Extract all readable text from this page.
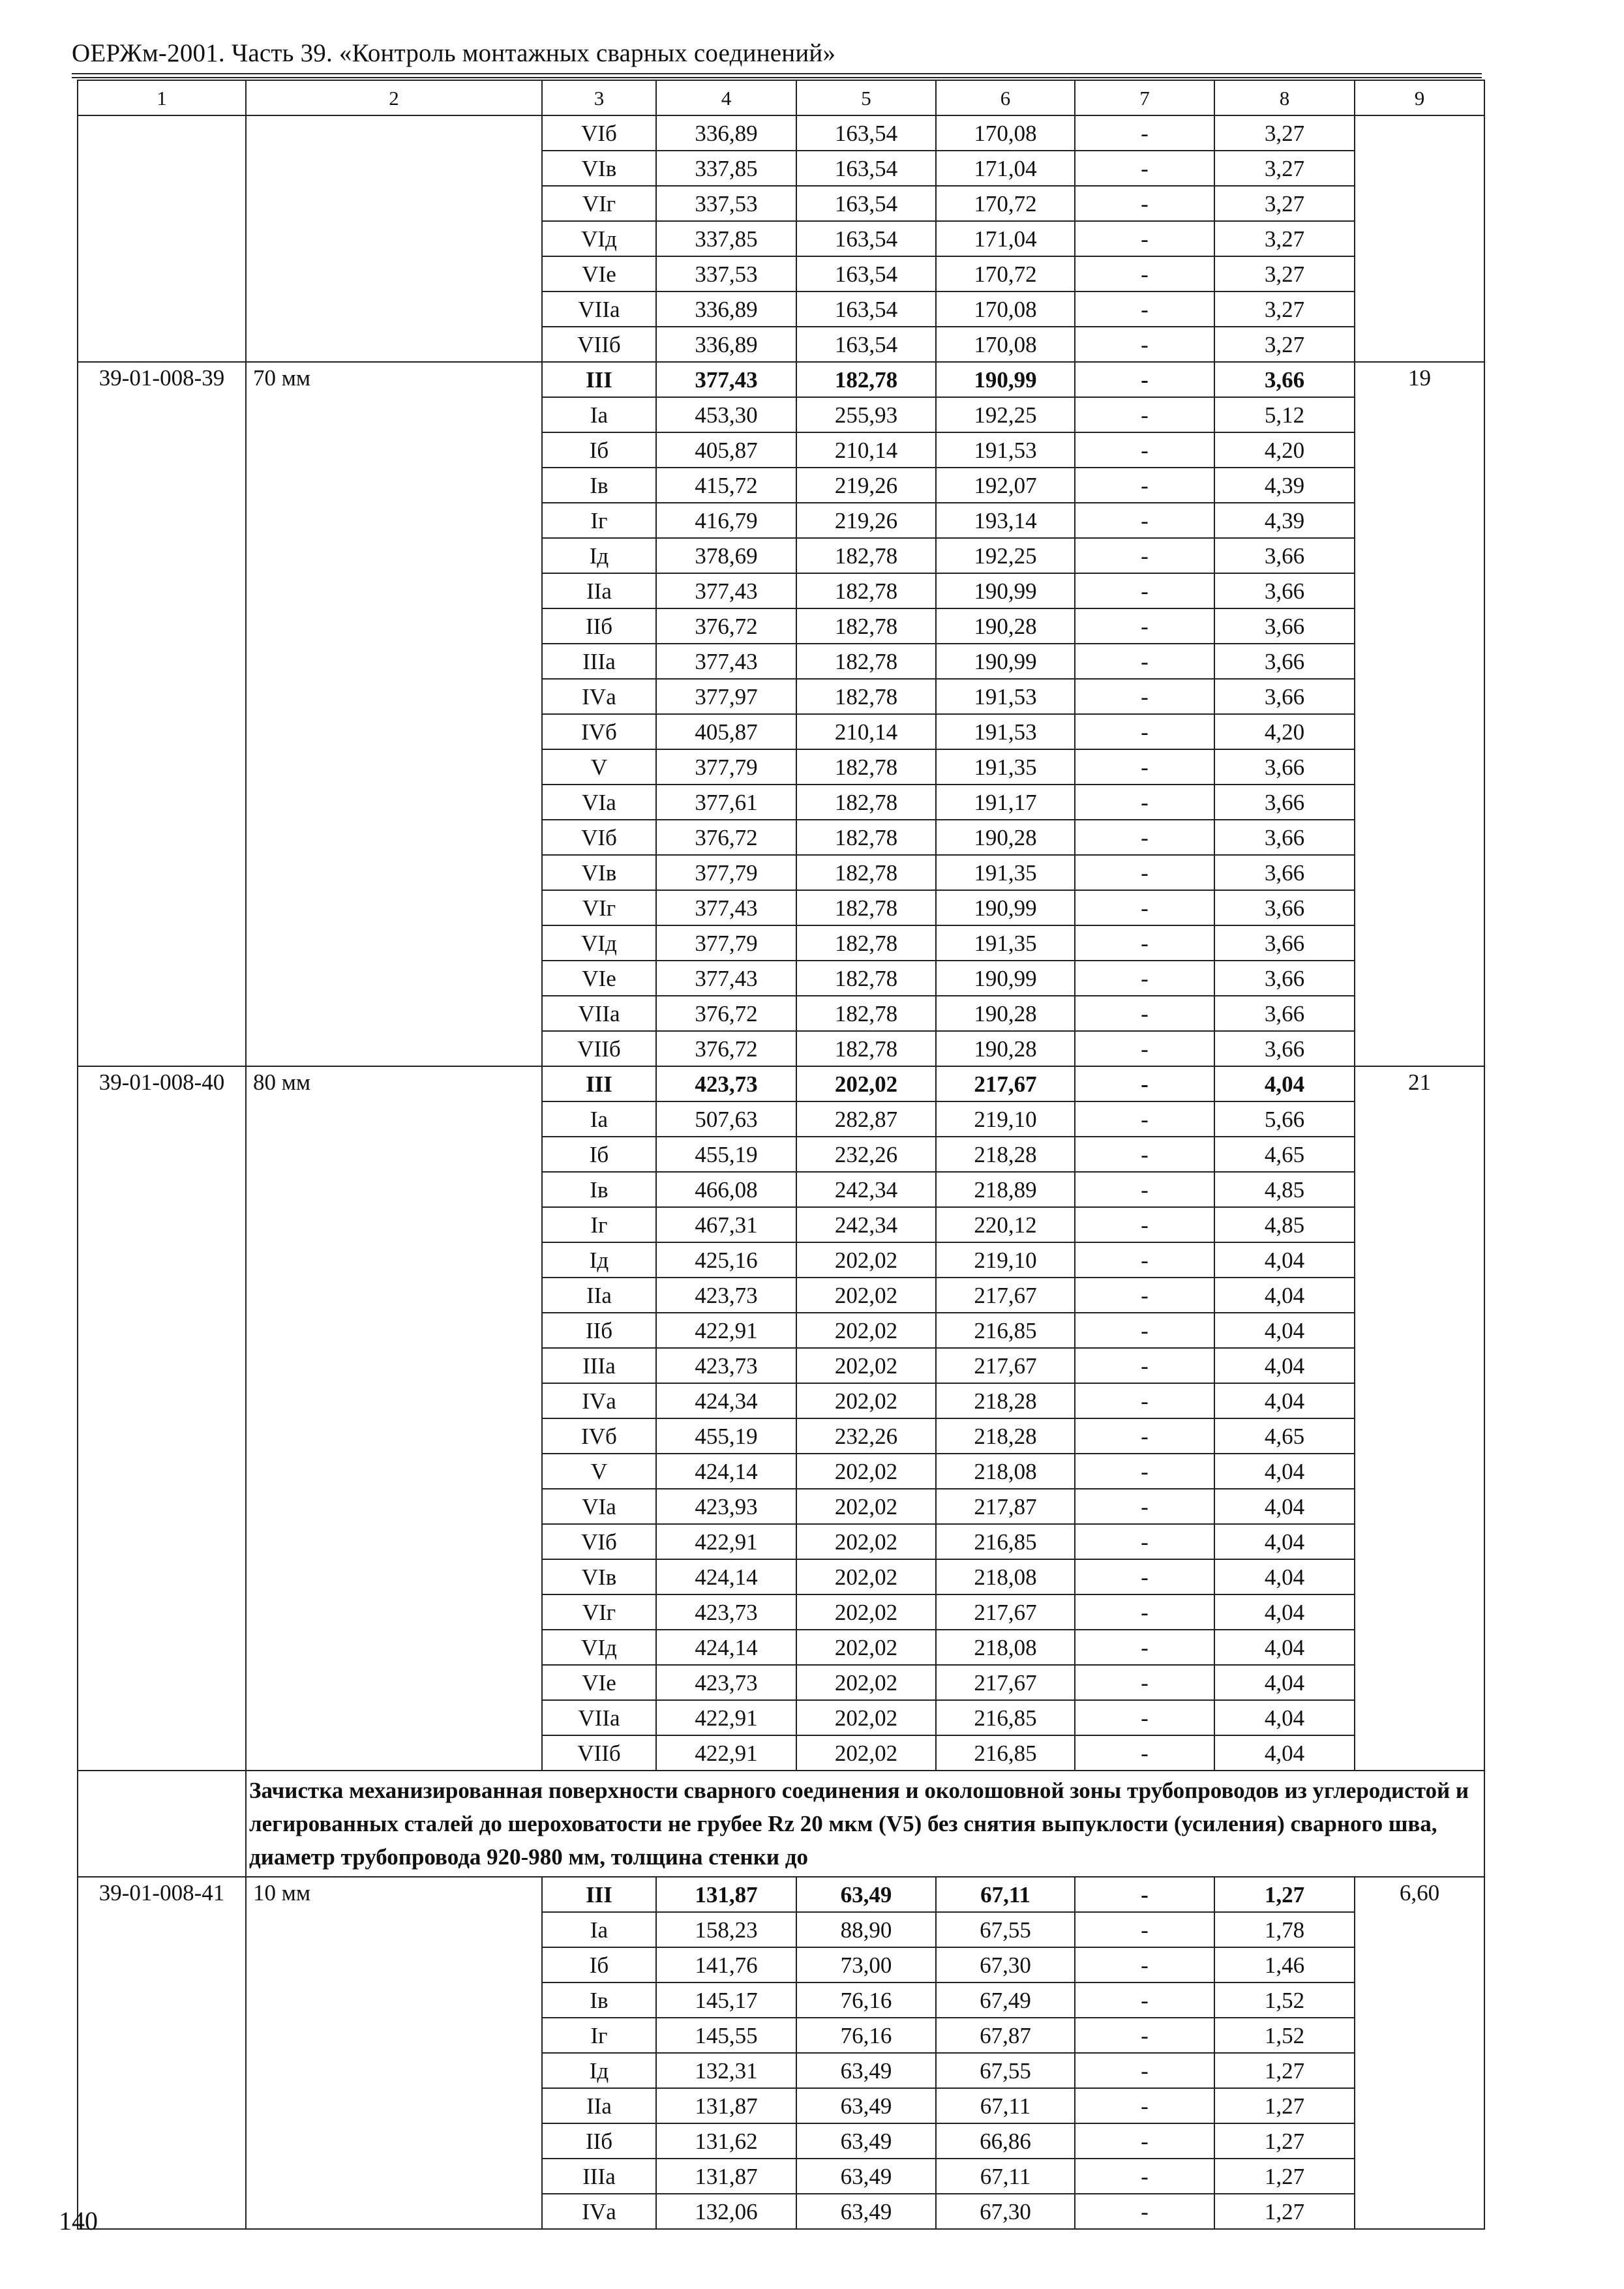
ОЕРЖм-2001. Часть 39. «Контроль монтажных сварных соединений»
1	2	3	4	5	6	7	8	9
		VIб	336,89	163,54	170,08	-	3,27	
		VIв	337,85	163,54	171,04	-	3,27	
		VIг	337,53	163,54	170,72	-	3,27	
		VIд	337,85	163,54	171,04	-	3,27	
		VIе	337,53	163,54	170,72	-	3,27	
		VIIа	336,89	163,54	170,08	-	3,27	
		VIIб	336,89	163,54	170,08	-	3,27	
39-01-008-39	70 мм	III	377,43	182,78	190,99	-	3,66	19
		Iа	453,30	255,93	192,25	-	5,12	
		Iб	405,87	210,14	191,53	-	4,20	
		Iв	415,72	219,26	192,07	-	4,39	
		Iг	416,79	219,26	193,14	-	4,39	
		Iд	378,69	182,78	192,25	-	3,66	
		IIа	377,43	182,78	190,99	-	3,66	
		IIб	376,72	182,78	190,28	-	3,66	
		IIIа	377,43	182,78	190,99	-	3,66	
		IVа	377,97	182,78	191,53	-	3,66	
		IVб	405,87	210,14	191,53	-	4,20	
		V	377,79	182,78	191,35	-	3,66	
		VIа	377,61	182,78	191,17	-	3,66	
		VIб	376,72	182,78	190,28	-	3,66	
		VIв	377,79	182,78	191,35	-	3,66	
		VIг	377,43	182,78	190,99	-	3,66	
		VIд	377,79	182,78	191,35	-	3,66	
		VIе	377,43	182,78	190,99	-	3,66	
		VIIа	376,72	182,78	190,28	-	3,66	
		VIIб	376,72	182,78	190,28	-	3,66	
39-01-008-40	80 мм	III	423,73	202,02	217,67	-	4,04	21
		Iа	507,63	282,87	219,10	-	5,66	
		Iб	455,19	232,26	218,28	-	4,65	
		Iв	466,08	242,34	218,89	-	4,85	
		Iг	467,31	242,34	220,12	-	4,85	
		Iд	425,16	202,02	219,10	-	4,04	
		IIа	423,73	202,02	217,67	-	4,04	
		IIб	422,91	202,02	216,85	-	4,04	
		IIIа	423,73	202,02	217,67	-	4,04	
		IVа	424,34	202,02	218,28	-	4,04	
		IVб	455,19	232,26	218,28	-	4,65	
		V	424,14	202,02	218,08	-	4,04	
		VIа	423,93	202,02	217,87	-	4,04	
		VIб	422,91	202,02	216,85	-	4,04	
		VIв	424,14	202,02	218,08	-	4,04	
		VIг	423,73	202,02	217,67	-	4,04	
		VIд	424,14	202,02	218,08	-	4,04	
		VIе	423,73	202,02	217,67	-	4,04	
		VIIа	422,91	202,02	216,85	-	4,04	
		VIIб	422,91	202,02	216,85	-	4,04	
	Зачистка механизированная поверхности сварного соединения и околошовной зоны трубопроводов из углеродистой и легированных сталей до шероховатости не грубее Rz 20 мкм (V5) без снятия выпуклости (усиления) сварного шва, диаметр трубопровода 920-980 мм, толщина стенки до							
39-01-008-41	10 мм	III	131,87	63,49	67,11	-	1,27	6,60
		Iа	158,23	88,90	67,55	-	1,78	
		Iб	141,76	73,00	67,30	-	1,46	
		Iв	145,17	76,16	67,49	-	1,52	
		Iг	145,55	76,16	67,87	-	1,52	
		Iд	132,31	63,49	67,55	-	1,27	
		IIа	131,87	63,49	67,11	-	1,27	
		IIб	131,62	63,49	66,86	-	1,27	
		IIIа	131,87	63,49	67,11	-	1,27	
		IVа	132,06	63,49	67,30	-	1,27	
140
